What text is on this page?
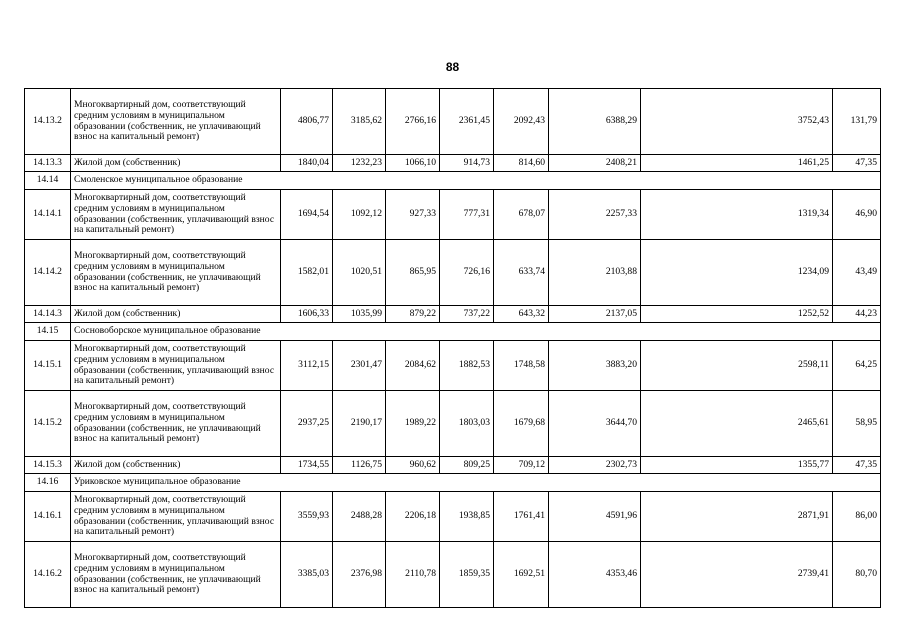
88
14.13.2	Многоквартирный дом, соответствующий средним условиям в муниципальном образовании (собственник, не уплачивающий взнос на капитальный ремонт)	4806,77	3185,62	2766,16	2361,45	2092,43	6388,29	3752,43	131,79
14.13.3	Жилой дом (собственник)	1840,04	1232,23	1066,10	914,73	814,60	2408,21	1461,25	47,35
14.14	Смоленское муниципальное образование								
14.14.1	Многоквартирный дом, соответствующий средним условиям в муниципальном образовании (собственник, уплачивающий взнос на капитальный ремонт)	1694,54	1092,12	927,33	777,31	678,07	2257,33	1319,34	46,90
14.14.2	Многоквартирный дом, соответствующий средним условиям в муниципальном образовании (собственник, не уплачивающий взнос на капитальный ремонт)	1582,01	1020,51	865,95	726,16	633,74	2103,88	1234,09	43,49
14.14.3	Жилой дом (собственник)	1606,33	1035,99	879,22	737,22	643,32	2137,05	1252,52	44,23
14.15	Сосновоборское муниципальное образование								
14.15.1	Многоквартирный дом, соответствующий средним условиям в муниципальном образовании (собственник, уплачивающий взнос на капитальный ремонт)	3112,15	2301,47	2084,62	1882,53	1748,58	3883,20	2598,11	64,25
14.15.2	Многоквартирный дом, соответствующий средним условиям в муниципальном образовании (собственник, не уплачивающий взнос на капитальный ремонт)	2937,25	2190,17	1989,22	1803,03	1679,68	3644,70	2465,61	58,95
14.15.3	Жилой дом (собственник)	1734,55	1126,75	960,62	809,25	709,12	2302,73	1355,77	47,35
14.16	Уриковское муниципальное образование								
14.16.1	Многоквартирный дом, соответствующий средним условиям в муниципальном образовании (собственник, уплачивающий взнос на капитальный ремонт)	3559,93	2488,28	2206,18	1938,85	1761,41	4591,96	2871,91	86,00
14.16.2	Многоквартирный дом, соответствующий средним условиям в муниципальном образовании (собственник, не уплачивающий взнос на капитальный ремонт)	3385,03	2376,98	2110,78	1859,35	1692,51	4353,46	2739,41	80,70
